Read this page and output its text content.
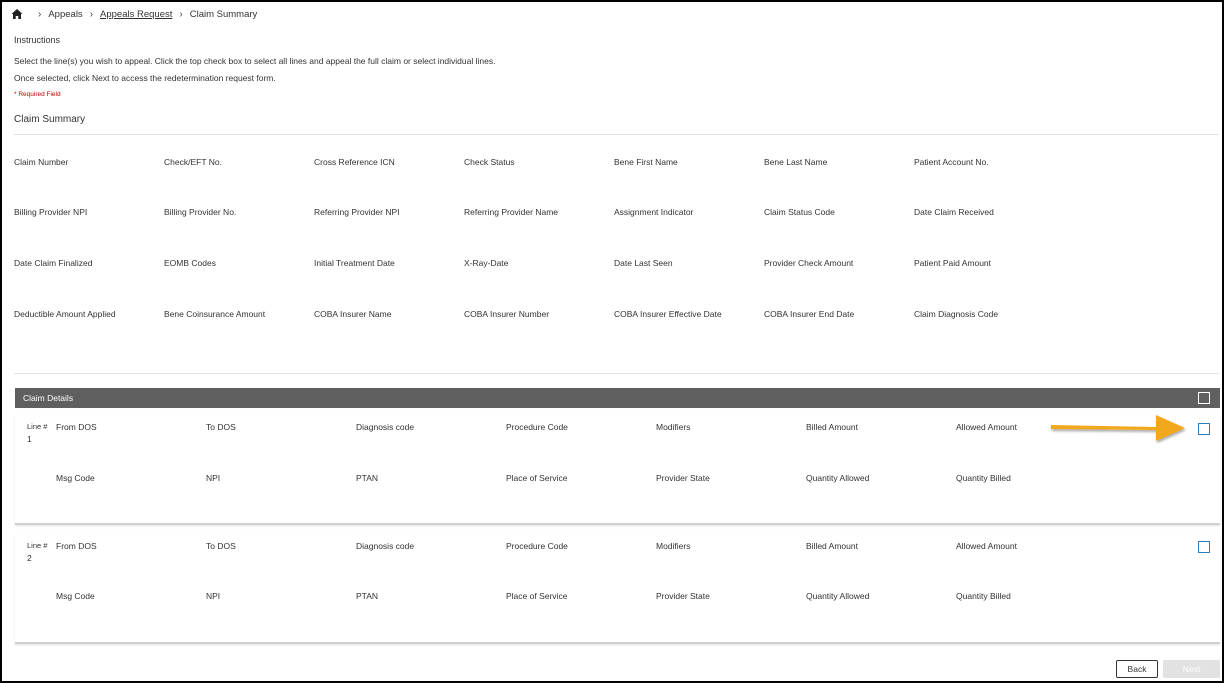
› Appeals › Appeals Request › Claim Summary
Instructions
Select the line(s) you wish to appeal. Click the top check box to select all lines and appeal the full claim or select individual lines.
Once selected, click Next to access the redetermination request form.
* Required Field
Claim Summary
Claim Number	Check/EFT No.	Cross Reference ICN	Check Status	Bene First Name	Bene Last Name	Patient Account No.
Billing Provider NPI	Billing Provider No.	Referring Provider NPI	Referring Provider Name	Assignment Indicator	Claim Status Code	Date Claim Received
Date Claim Finalized	EOMB Codes	Initial Treatment Date	X-Ray-Date	Date Last Seen	Provider Check Amount	Patient Paid Amount
Deductible Amount Applied	Bene Coinsurance Amount	COBA Insurer Name	COBA Insurer Number	COBA Insurer Effective Date	COBA Insurer End Date	Claim Diagnosis Code
Claim Details
Line #
1
From DOS	To DOS	Diagnosis code	Procedure Code	Modifiers	Billed Amount	Allowed Amount
Msg Code	NPI	PTAN	Place of Service	Provider State	Quantity Allowed	Quantity Billed
Line #
2
From DOS	To DOS	Diagnosis code	Procedure Code	Modifiers	Billed Amount	Allowed Amount
Msg Code	NPI	PTAN	Place of Service	Provider State	Quantity Allowed	Quantity Billed
Back	Next
